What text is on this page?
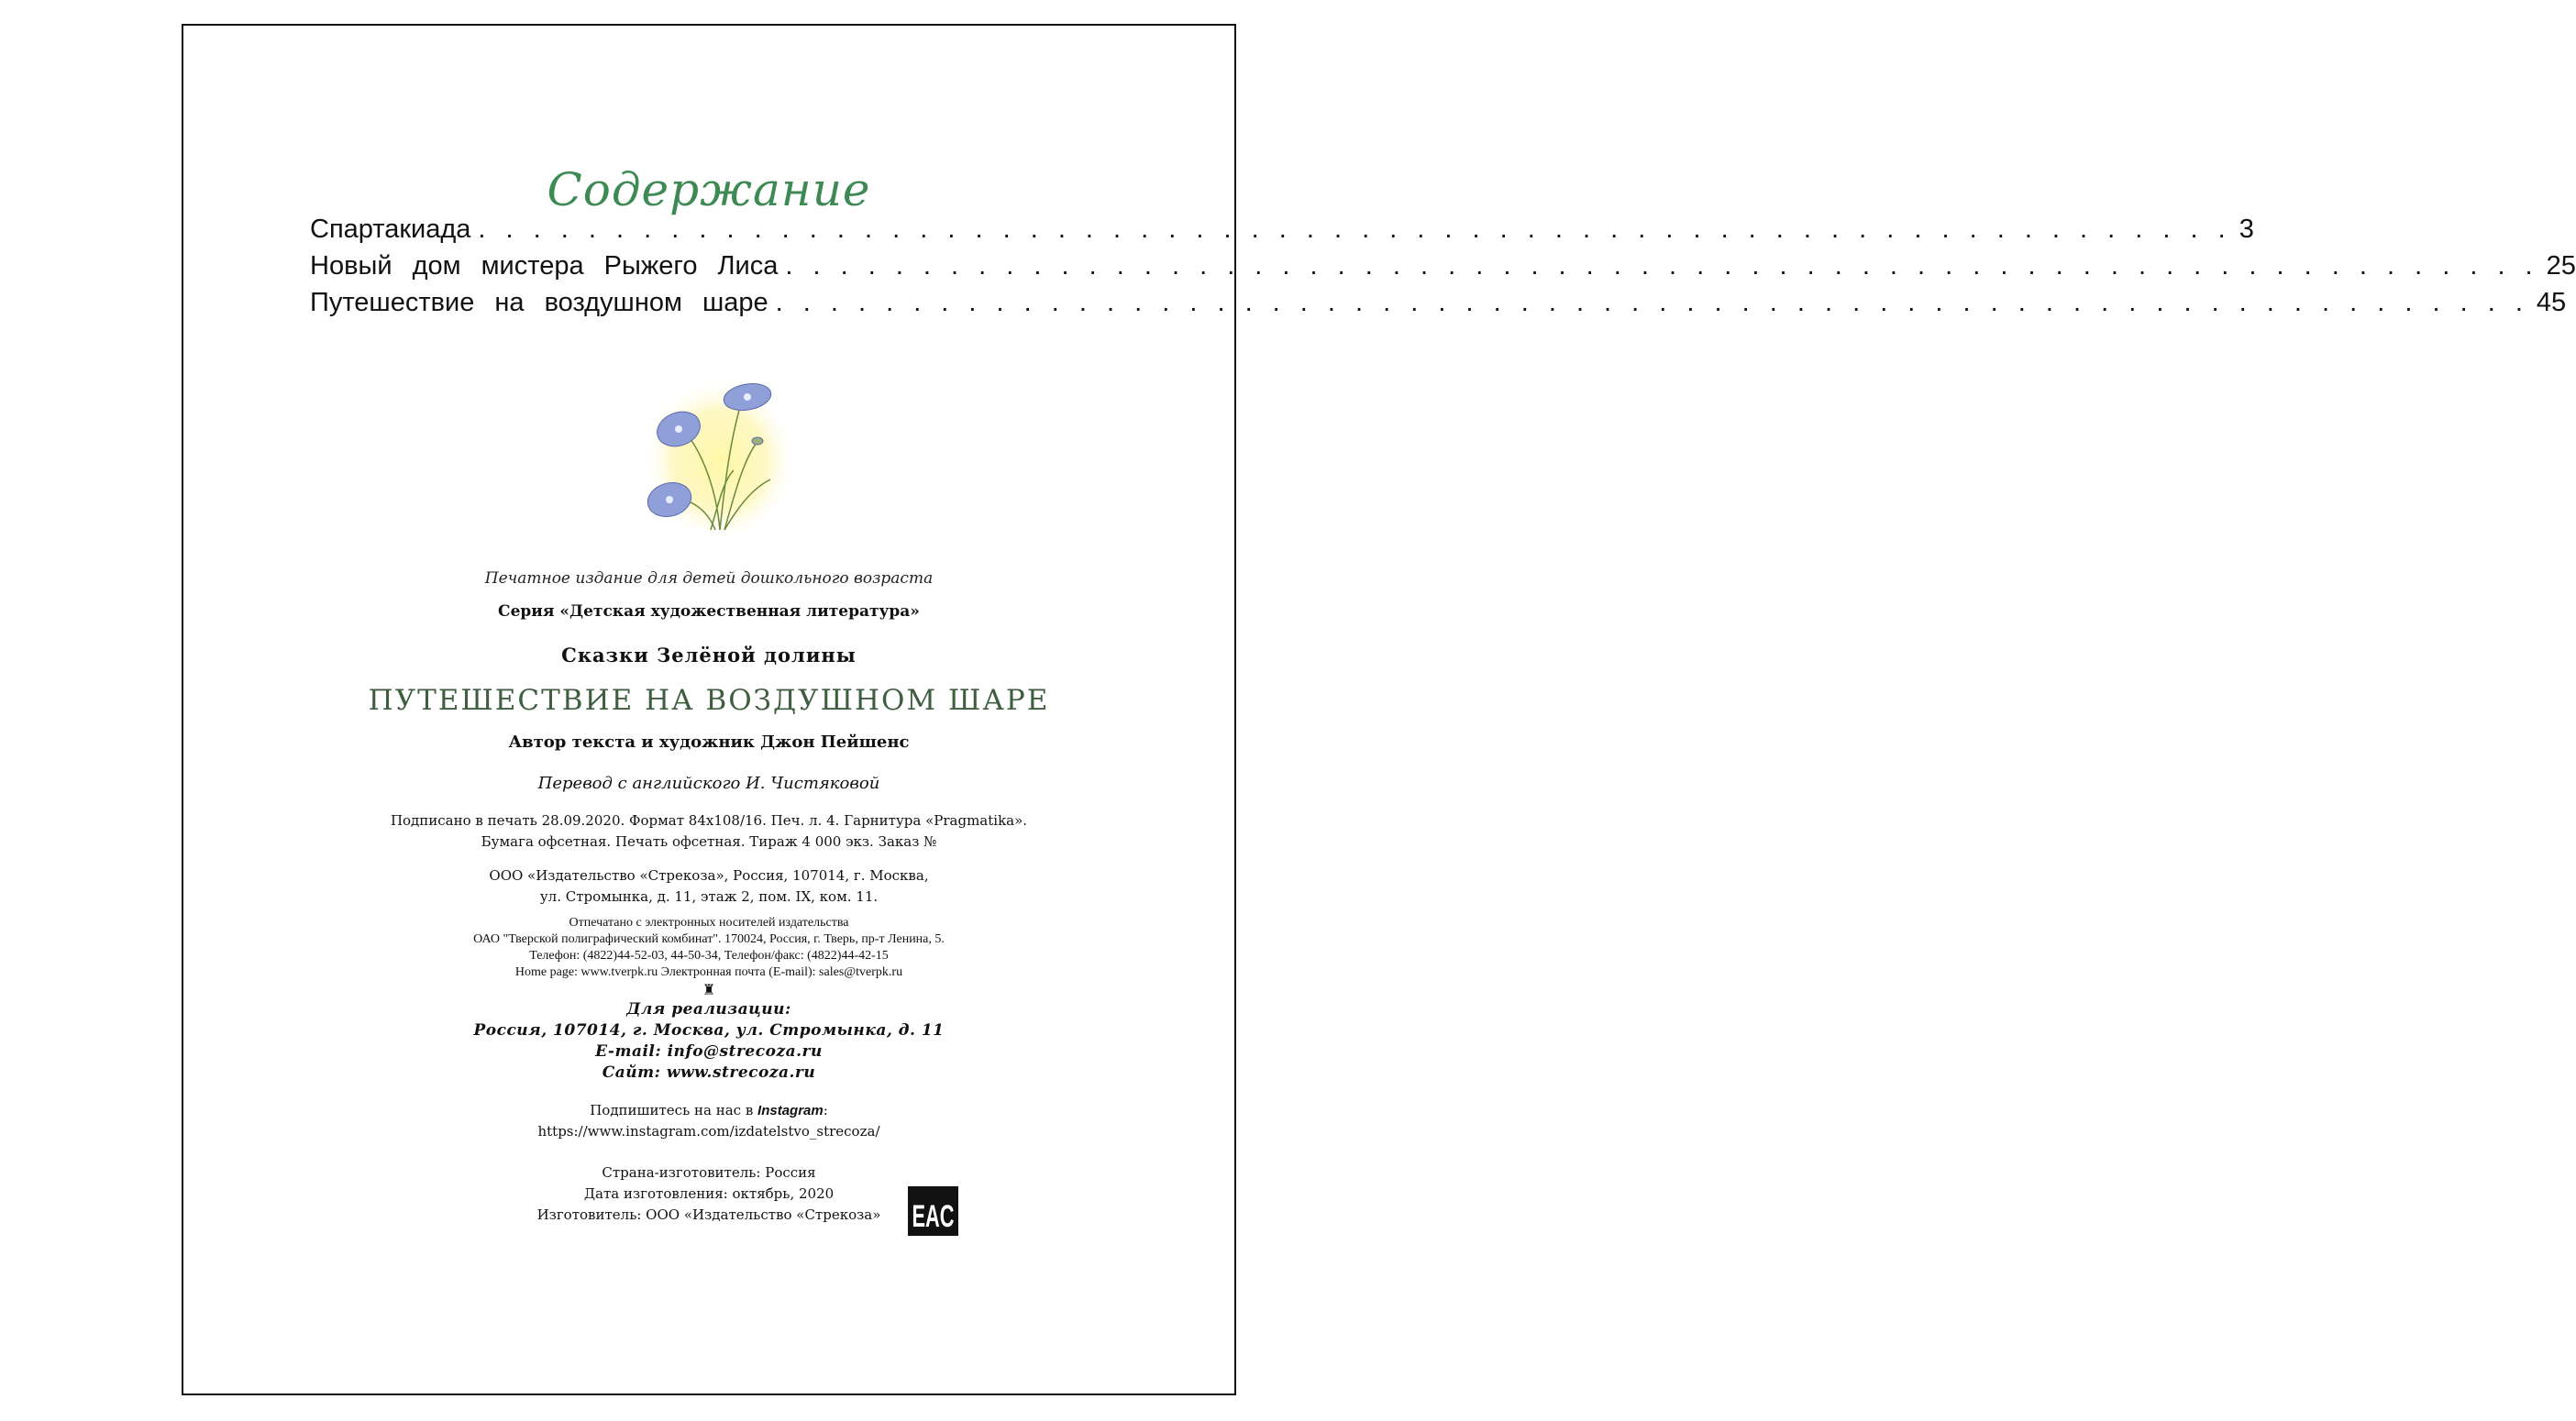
Содержание
Спартакиада . . .	3
Новый дом мистера Рыжего Лиса . . .	25
Путешествие на воздушном шаре . . .	45
Печатное издание для детей дошкольного возраста
Серия «Детская художественная литература»
Сказки Зелёной долины
ПУТЕШЕСТВИЕ НА ВОЗДУШНОМ ШАРЕ
Автор текста и художник Джон Пейшенс
Перевод с английского И. Чистяковой
Подписано в печать 28.09.2020. Формат 84x108/16. Печ. л. 4. Гарнитура «Pragmatika».
Бумага офсетная. Печать офсетная. Тираж 4 000 экз. Заказ №
ООО «Издательство «Стрекоза», Россия, 107014, г. Москва,
ул. Стромынка, д. 11, этаж 2, пом. IX, ком. 11.
Отпечатано с электронных носителей издательства
ОАО "Тверской полиграфический комбинат". 170024, Россия, г. Тверь, пр-т Ленина, 5.
Телефон: (4822)44-52-03, 44-50-34, Телефон/факс: (4822)44-42-15
Home page: www.tverpk.ru Электронная почта (E-mail): sales@tverpk.ru
♜
Для реализации:
Россия, 107014, г. Москва, ул. Стромынка, д. 11
E-mail: info@strecoza.ru
Сайт: www.strecoza.ru
Подпишитесь на нас в Instagram:
https://www.instagram.com/izdatelstvo_strecoza/
Страна-изготовитель: Россия
Дата изготовления: октябрь, 2020
Изготовитель: ООО «Издательство «Стрекоза»	EAC
